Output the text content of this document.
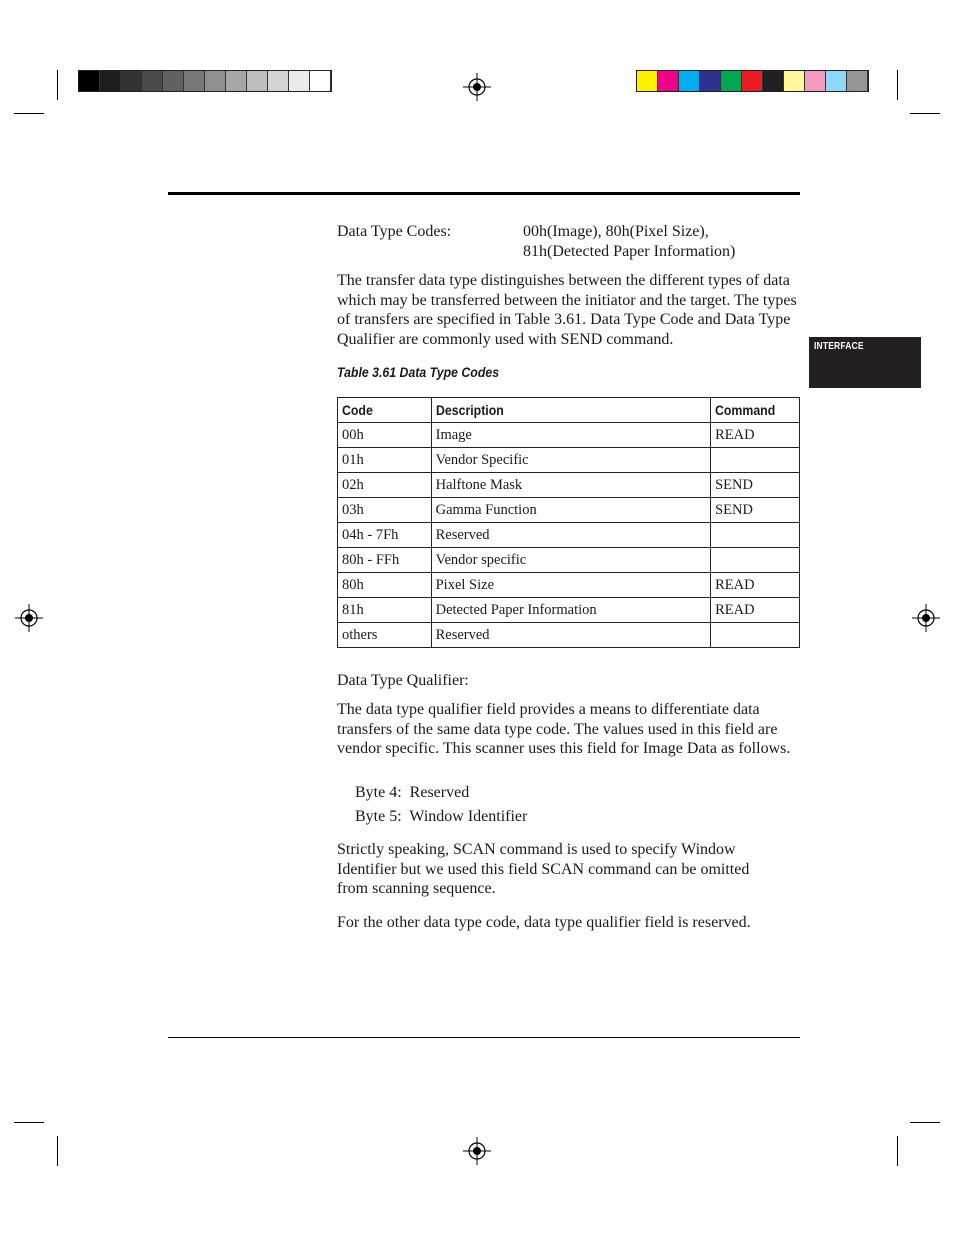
INTERFACE
Data Type Codes:	00h(Image), 80h(Pixel Size),
81h(Detected Paper Information)
The transfer data type distinguishes between the different types of data which may be transferred between the initiator and the target. The types of transfers are specified in Table 3.61. Data Type Code and Data Type Qualifier are commonly used with SEND command.
Table 3.61 Data Type Codes
Code	Description	Command
00h	Image	READ
01h	Vendor Specific	
02h	Halftone Mask	SEND
03h	Gamma Function	SEND
04h - 7Fh	Reserved	
80h - FFh	Vendor specific	
80h	Pixel Size	READ
81h	Detected Paper Information	READ
others	Reserved	
Data Type Qualifier:
The data type qualifier field provides a means to differentiate data transfers of the same data type code. The values used in this field are vendor specific. This scanner uses this field for Image Data as follows.
Byte 4:  Reserved
Byte 5:  Window Identifier
Strictly speaking, SCAN command is used to specify Window Identifier but we used this field SCAN command can be omitted from scanning sequence.
For the other data type code, data type qualifier field is reserved.
